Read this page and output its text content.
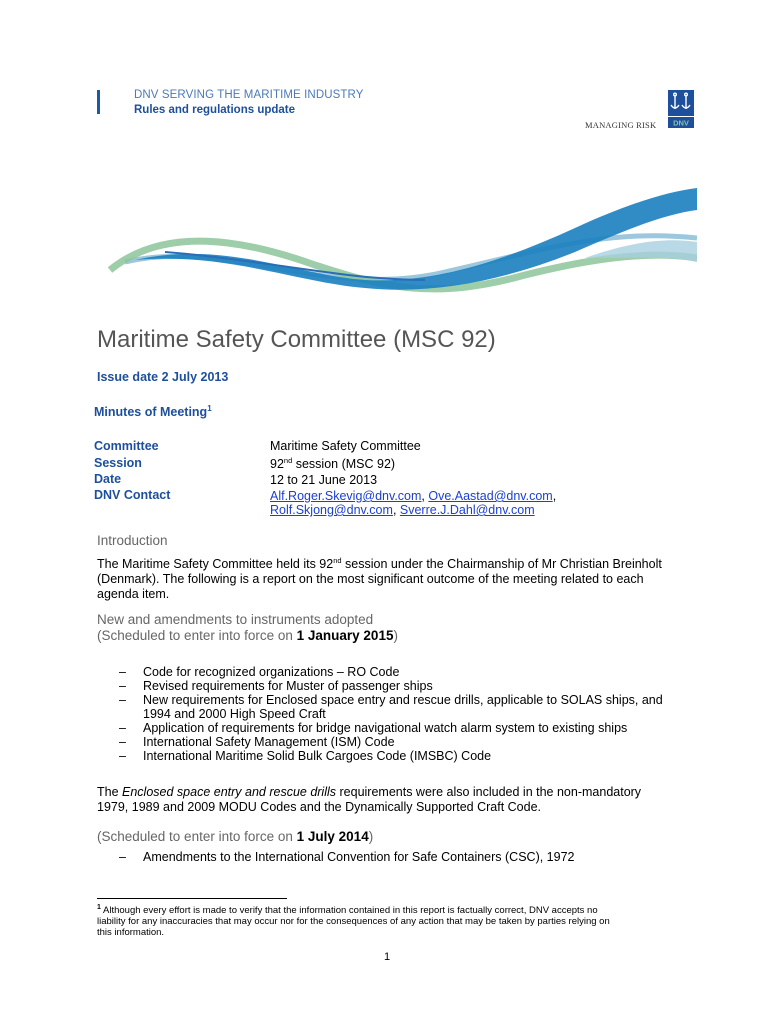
DNV SERVING THE MARITIME INDUSTRY
Rules and regulations update
MANAGING RISK DNV
Maritime Safety Committee (MSC 92)
Issue date 2 July 2013
Minutes of Meeting$^1$
Committee	Maritime Safety Committee
Session	92nd session (MSC 92)
Date	12 to 21 June 2013
DNV Contact	Alf.Roger.Skevig@dnv.com, Ove.Aastad@dnv.com,
Rolf.Skjong@dnv.com, Sverre.J.Dahl@dnv.com
Introduction
The Maritime Safety Committee held its 92nd session under the Chairmanship of Mr Christian Breinholt
(Denmark). The following is a report on the most significant outcome of the meeting related to each
agenda item.
New and amendments to instruments adopted
(Scheduled to enter into force on 1 January 2015)
– Code for recognized organizations – RO Code
– Revised requirements for Muster of passenger ships
– New requirements for Enclosed space entry and rescue drills, applicable to SOLAS ships, and
1994 and 2000 High Speed Craft
– Application of requirements for bridge navigational watch alarm system to existing ships
– International Safety Management (ISM) Code
– International Maritime Solid Bulk Cargoes Code (IMSBC) Code
The Enclosed space entry and rescue drills requirements were also included in the non-mandatory
1979, 1989 and 2009 MODU Codes and the Dynamically Supported Craft Code.
(Scheduled to enter into force on 1 July 2014)
– Amendments to the International Convention for Safe Containers (CSC), 1972
$^1$ Although every effort is made to verify that the information contained in this report is factually correct, DNV accepts no
liability for any inaccuracies that may occur nor for the consequences of any action that may be taken by parties relying on
this information.
1
